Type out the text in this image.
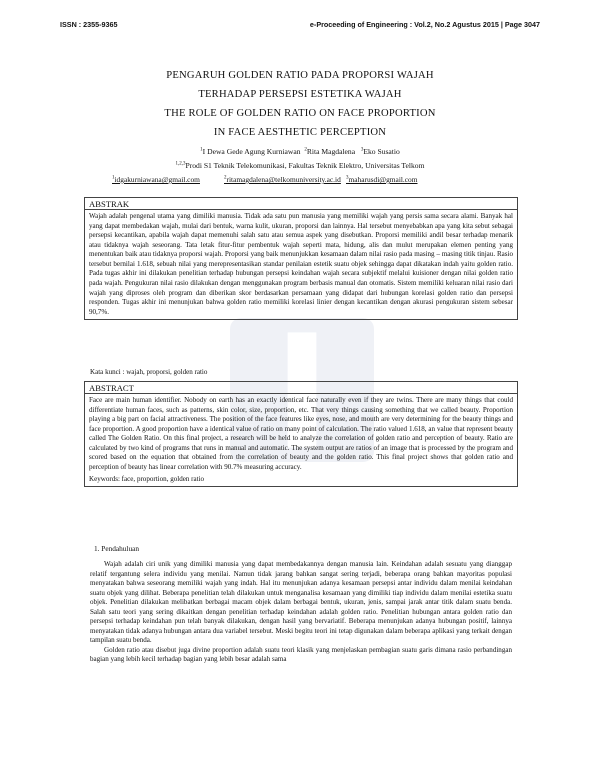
ISSN : 2355-9365	e-Proceeding of Engineering : Vol.2, No.2 Agustus 2015 | Page 3047
PENGARUH GOLDEN RATIO PADA PROPORSI WAJAH
TERHADAP PERSEPSI ESTETIKA WAJAH
THE ROLE OF GOLDEN RATIO ON FACE PROPORTION
IN FACE AESTHETIC PERCEPTION
$^1$I Dewa Gede Agung Kurniawan $^2$Rita Magdalena $^3$Eko Susatio
$^{1,2,3}$Prodi S1 Teknik Telekomunikasi, Fakultas Teknik Elektro, Universitas Telkom
$^1$idgakurniawana@gmail.com	$^2$ritamagdalena@telkomuniversity.ac.id $^3$maharusdi@gmail.com
ABSTRAK

Wajah adalah pengenal utama yang dimiliki manusia. Tidak ada satu pun manusia yang memiliki wajah yang persis sama secara alami. Banyak hal yang dapat membedakan wajah, mulai dari bentuk, warna kulit, ukuran, proporsi dan lainnya. Hal tersebut menyebabkan apa yang kita sebut sebagai persepsi kecantikan, apabila wajah dapat memenuhi salah satu atau semua aspek yang disebutkan. Proporsi memiliki andil besar terhadap menarik atau tidaknya wajah seseorang. Tata letak fitur-fitur pembentuk wajah seperti mata, hidung, alis dan mulut merupakan elemen penting yang menentukan baik atau tidaknya proporsi wajah. Proporsi yang baik menunjukkan kesamaan dalam nilai rasio pada masing – masing titik tinjau. Rasio tersebut bernilai 1.618, sebuah nilai yang merepresentasikan standar penilaian estetik suatu objek sehingga dapat dikatakan indah yaitu golden ratio. Pada tugas akhir ini dilakukan penelitian terhadap hubungan persepsi keindahan wajah secara subjektif melalui kuisioner dengan nilai golden ratio pada wajah. Pengukuran nilai rasio dilakukan dengan menggunakan program berbasis manual dan otomatis. Sistem memiliki keluaran nilai rasio dari wajah yang diproses oleh program dan diberikan skor berdasarkan persamaan yang didapat dari hubungan korelasi golden ratio dan persepsi responden. Tugas akhir ini menunjukan bahwa golden ratio memiliki korelasi linier dengan kecantikan dengan akurasi pengukuran sistem sebesar 90,7%.

Kata kunci : wajah, proporsi, golden ratio
ABSTRACT

Face are main human identifier. Nobody on earth has an exactly identical face naturally even if they are twins. There are many things that could differentiate human faces, such as patterns, skin color, size, proportion, etc. That very things causing something that we called beauty. Proportion playing a big part on facial attractiveness. The position of the face features like eyes, nose, and mouth are very determining for the beauty things and face proportion. A good proportion have a identical value of ratio on many point of calculation. The ratio valued 1.618, an value that represent beauty called The Golden Ratio. On this final project, a research will be held to analyze the correlation of golden ratio and perception of beauty. Ratio are calculated by two kind of programs that runs in manual and automatic. The system output are ratios of an image that is processed by the program and scored based on the equation that obtained from the correlation of beauty and the golden ratio. This final project shows that golden ratio and perception of beauty has linear correlation with 90.7% measuring accuracy.

Keywords: face, proportion, golden ratio

1. Pendahuluan

Wajah adalah ciri unik yang dimiliki manusia yang dapat membedakannya dengan manusia lain. Keindahan adalah sesuatu yang dianggap relatif tergantung selera individu yang menilai. Namun tidak jarang bahkan sangat sering terjadi, beberapa orang bahkan mayoritas populasi menyatakan bahwa seseorang memiliki wajah yang indah. Hal itu menunjukan adanya kesamaan persepsi antar individu dalam menilai keindahan suatu objek yang dilihat. Beberapa penelitian telah dilakukan untuk menganalisa kesamaan yang dimiliki tiap individu dalam menilai estetika suatu objek. Penelitian dilakukan melibatkan berbagai macam objek dalam berbagai bentuk, ukuran, jenis, sampai jarak antar titik dalam suatu benda. Salah satu teori yang sering dikaitkan dengan penelitian terhadap keindahan adalah golden ratio. Penelitian hubungan antara golden ratio dan persepsi terhadap keindahan pun telah banyak dilakukan, dengan hasil yang bervariatif. Beberapa menunjukan adanya hubungan positif, lainnya menyatakan tidak adanya hubungan antara dua variabel tersebut. Meski begitu teori ini tetap digunakan dalam beberapa aplikasi yang terkait dengan tampilan suatu benda.

Golden ratio atau disebut juga divine proportion adalah suatu teori klasik yang menjelaskan pembagian suatu garis dimana rasio perbandingan bagian yang lebih kecil terhadap bagian yang lebih besar adalah sama
